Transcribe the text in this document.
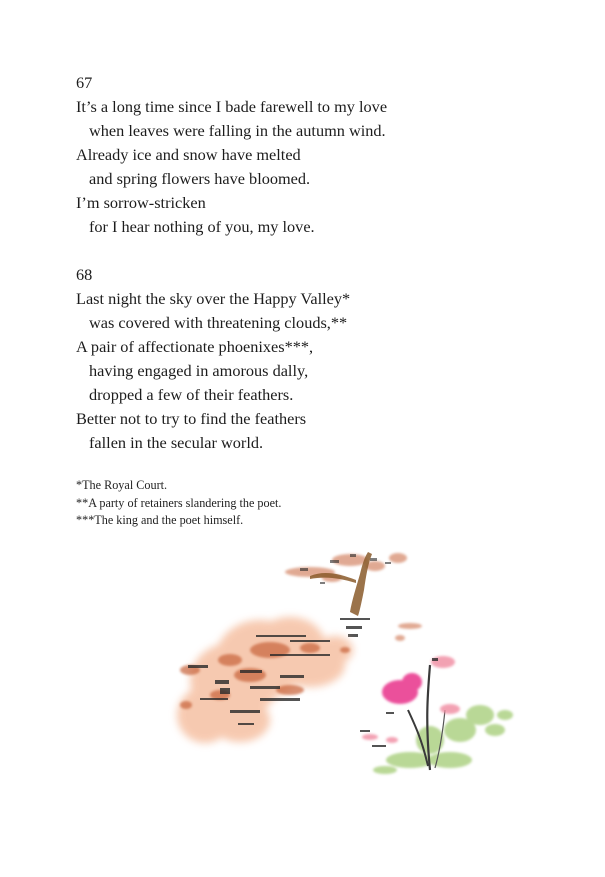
67
It’s a long time since I bade farewell to my love
when leaves were falling in the autumn wind.
Already ice and snow have melted
and spring flowers have bloomed.
I’m sorrow-stricken
for I hear nothing of you, my love.
68
Last night the sky over the Happy Valley*
was covered with threatening clouds,**
A pair of affectionate phoenixes***,
having engaged in amorous dally,
dropped a few of their feathers.
Better not to try to find the feathers
fallen in the secular world.
*The Royal Court.
**A party of retainers slandering the poet.
***The king and the poet himself.
